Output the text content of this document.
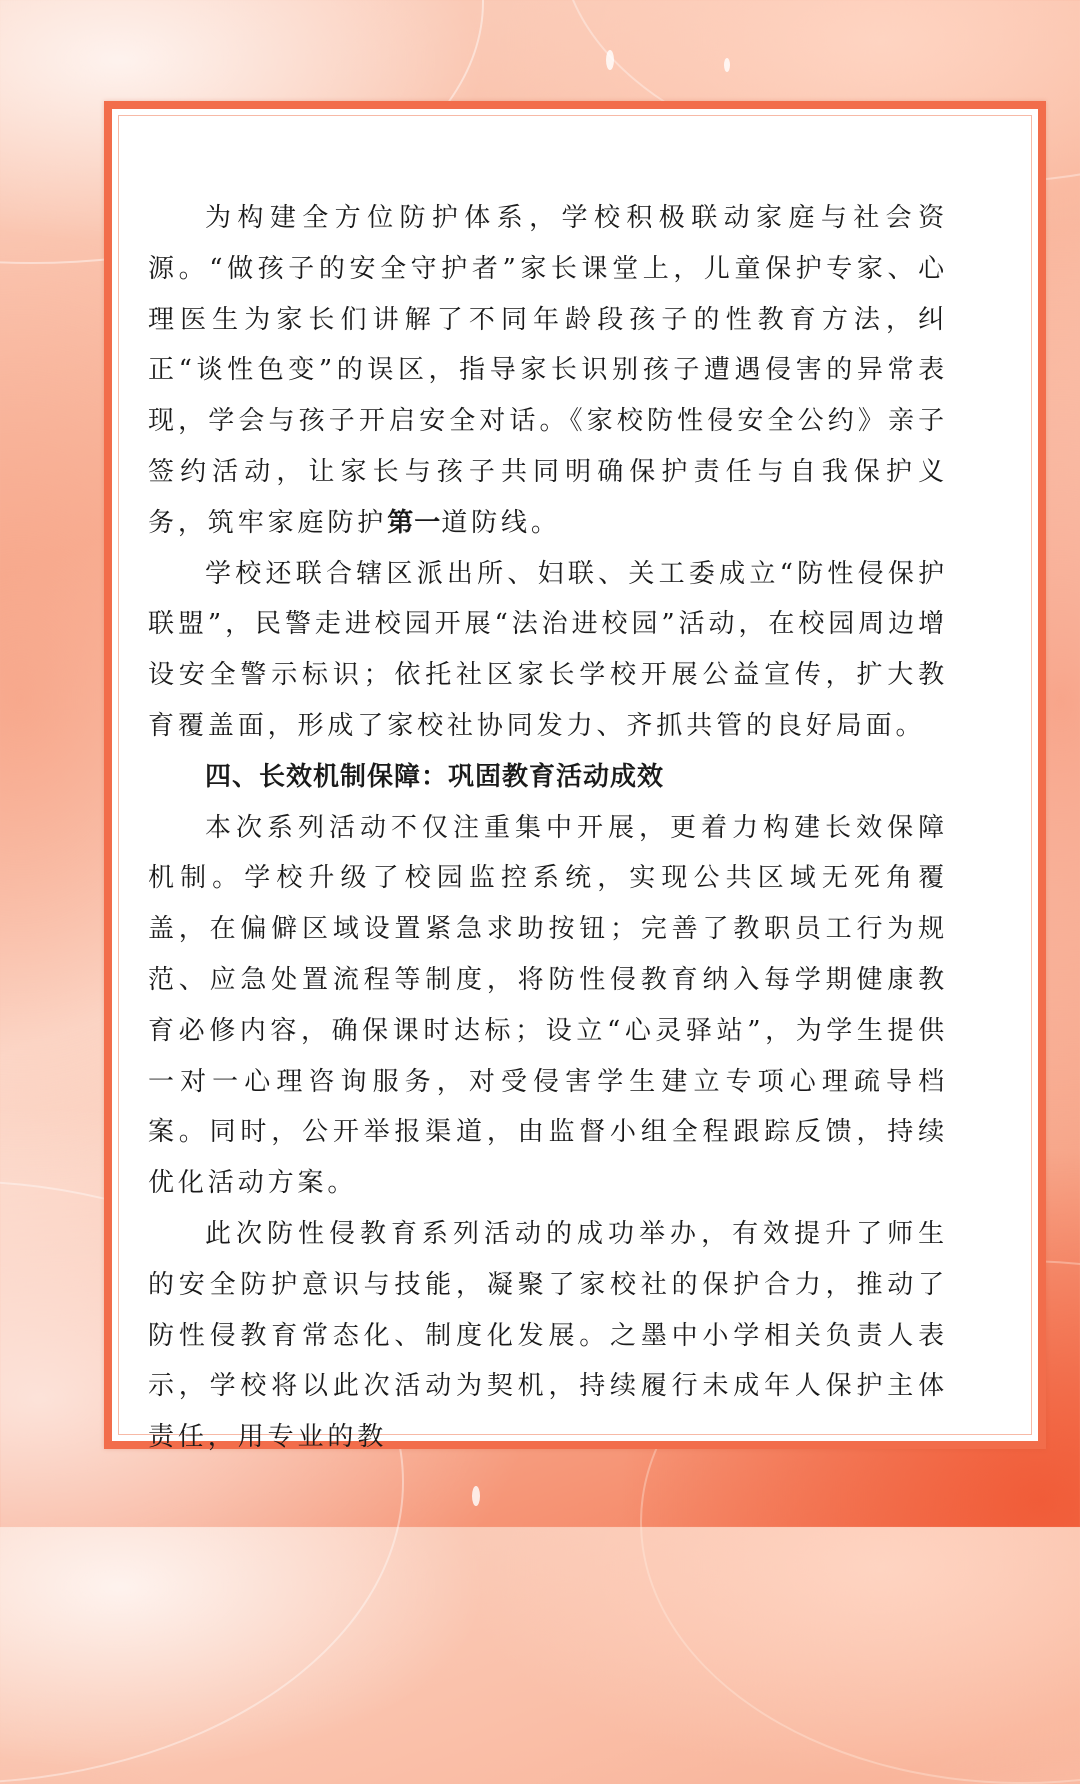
为构建全方位防护体系，学校积极联动家庭与社会资源。“做孩子的安全守护者”家长课堂上，儿童保护专家、心理医生为家长们讲解了不同年龄段孩子的性教育方法，纠正“谈性色变”的误区，指导家长识别孩子遭遇侵害的异常表现，学会与孩子开启安全对话。《家校防性侵安全公约》亲子签约活动，让家长与孩子共同明确保护责任与自我保护义务，筑牢家庭防护第一道防线。

学校还联合辖区派出所、妇联、关工委成立“防性侵保护联盟”，民警走进校园开展“法治进校园”活动，在校园周边增设安全警示标识；依托社区家长学校开展公益宣传，扩大教育覆盖面，形成了家校社协同发力、齐抓共管的良好局面。

四、长效机制保障：巩固教育活动成效

本次系列活动不仅注重集中开展，更着力构建长效保障机制。学校升级了校园监控系统，实现公共区域无死角覆盖，在偏僻区域设置紧急求助按钮；完善了教职员工行为规范、应急处置流程等制度，将防性侵教育纳入每学期健康教育必修内容，确保课时达标；设立“心灵驿站”，为学生提供一对一心理咨询服务，对受侵害学生建立专项心理疏导档案。同时，公开举报渠道，由监督小组全程跟踪反馈，持续优化活动方案。

此次防性侵教育系列活动的成功举办，有效提升了师生的安全防护意识与技能，凝聚了家校社的保护合力，推动了防性侵教育常态化、制度化发展。之墨中小学相关负责人表示，学校将以此次活动为契机，持续履行未成年人保护主体责任，用专业的教
